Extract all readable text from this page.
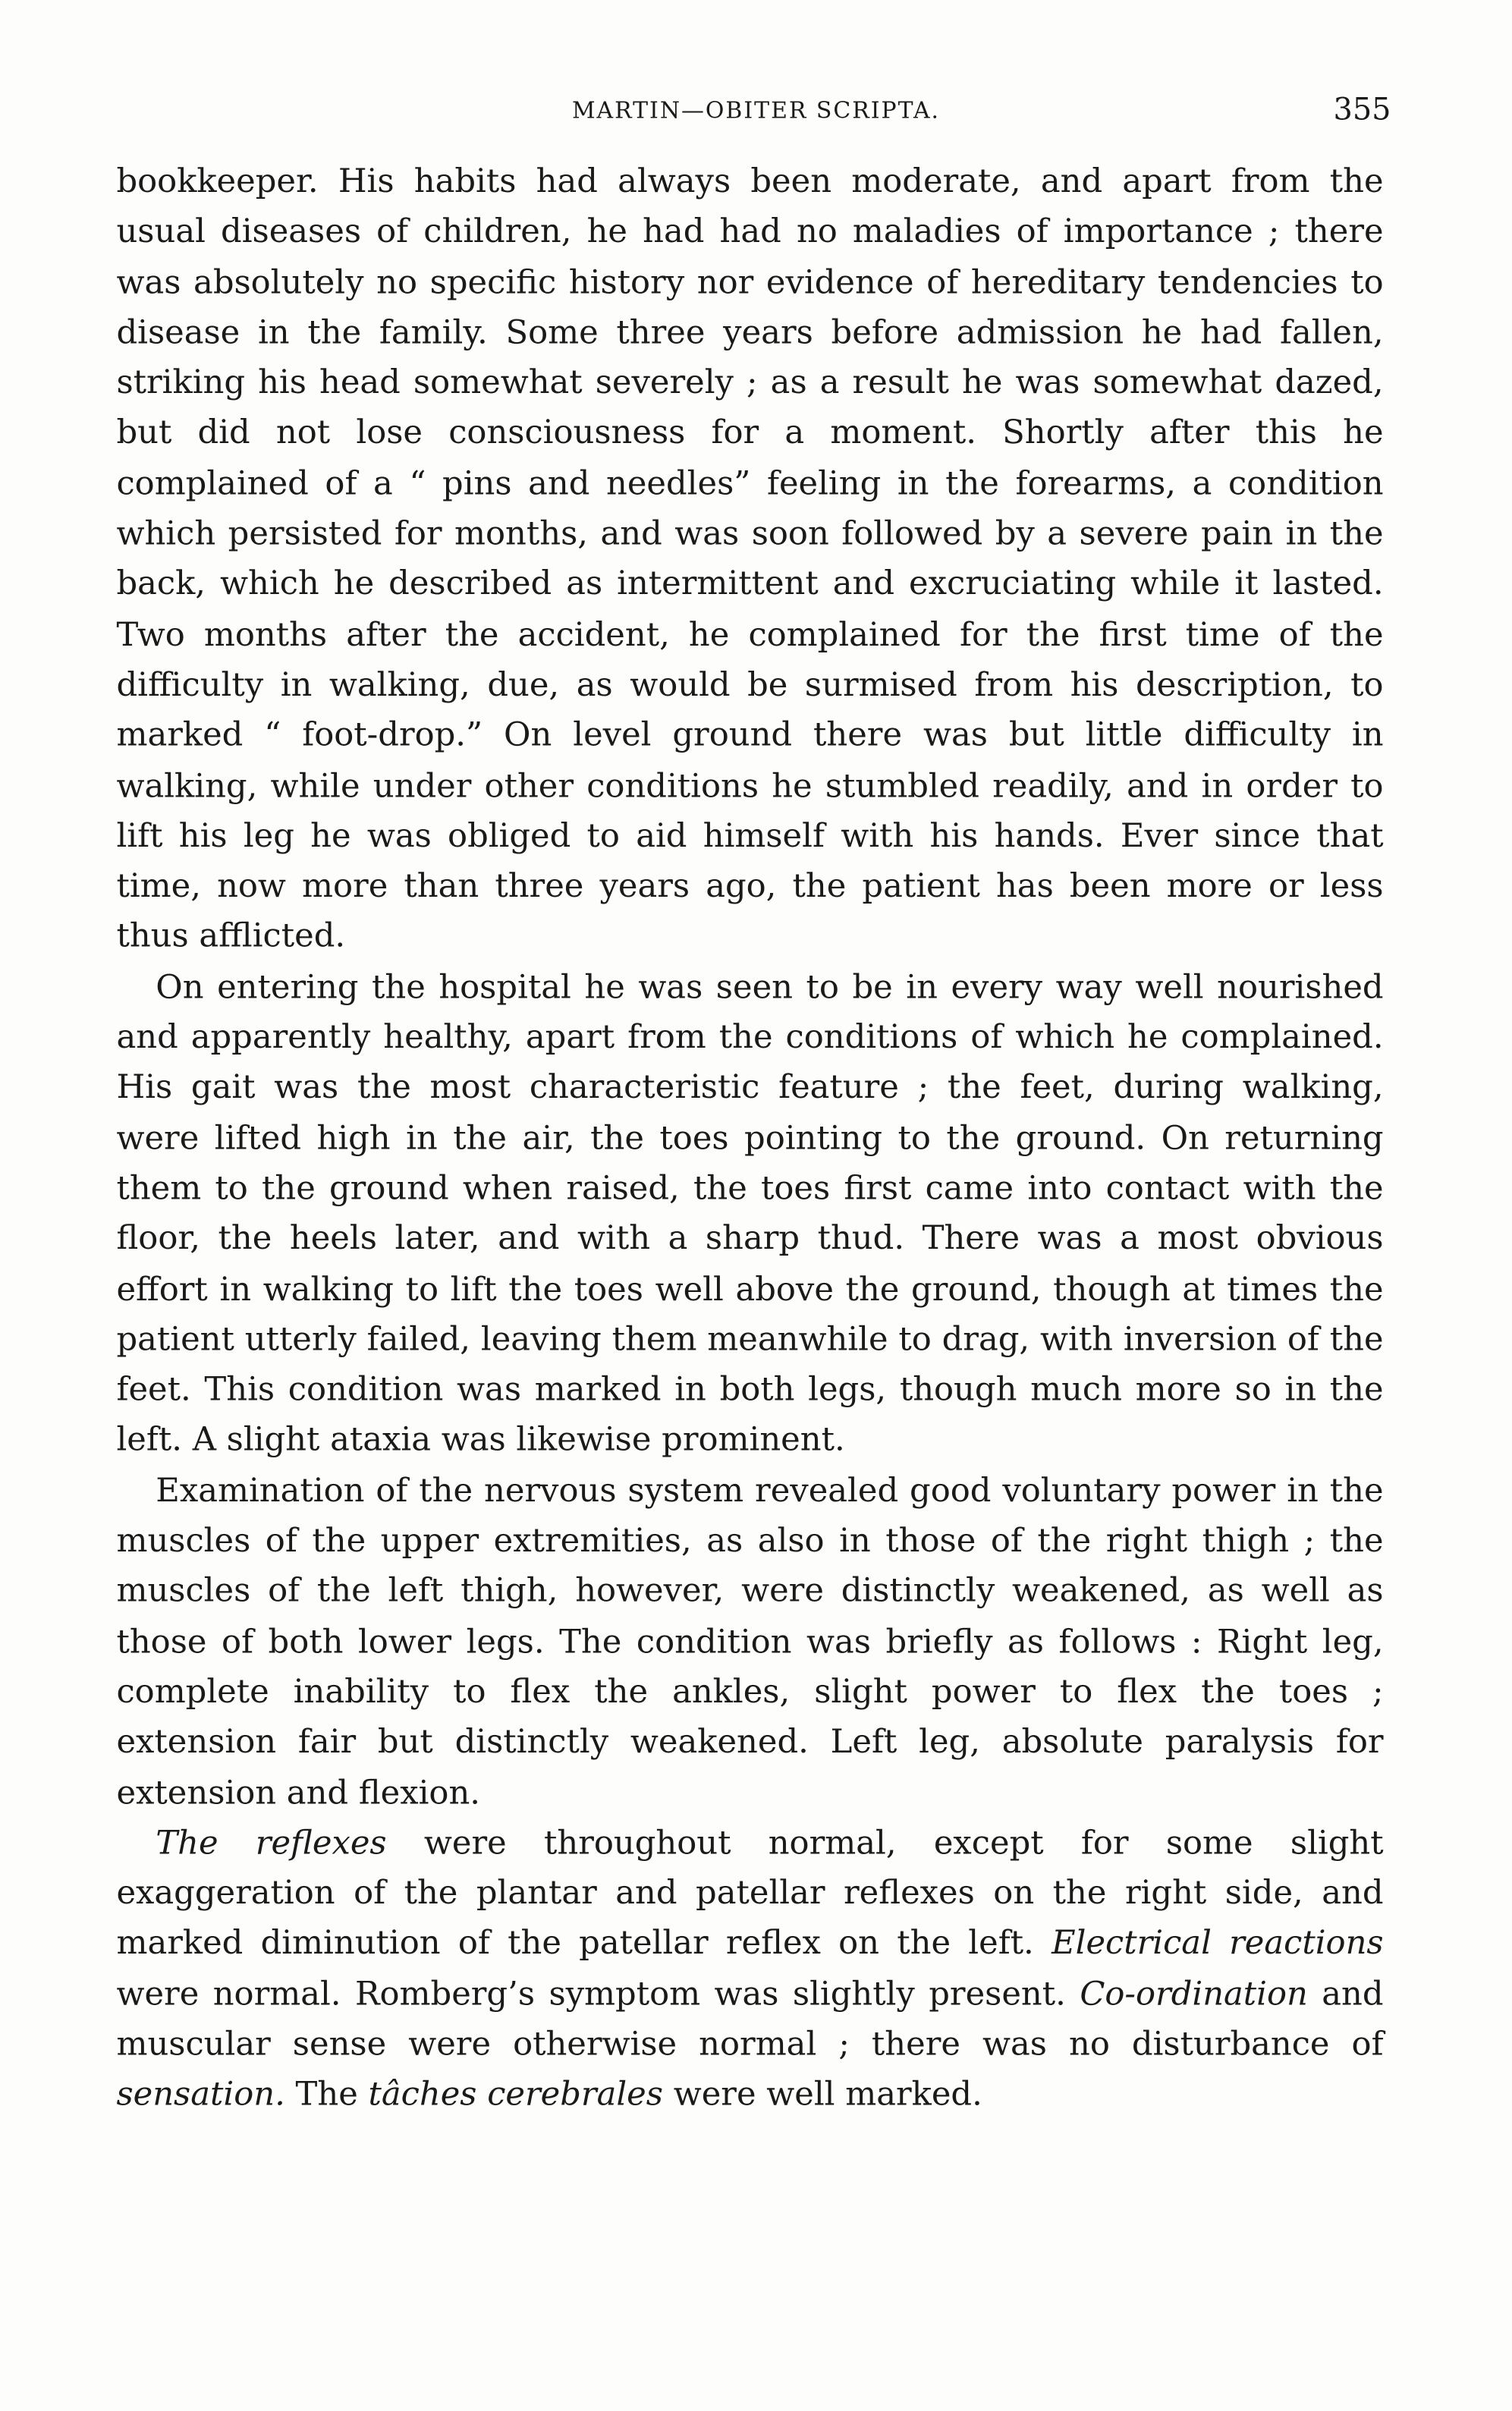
MARTIN—OBITER SCRIPTA.	355

bookkeeper. His habits had always been moderate, and apart from the usual diseases of children, he had had no maladies of importance ; there was absolutely no specific history nor evidence of hereditary tendencies to disease in the family. Some three years before admission he had fallen, striking his head somewhat severely ; as a result he was somewhat dazed, but did not lose consciousness for a moment. Shortly after this he complained of a “ pins and needles” feeling in the forearms, a condition which persisted for months, and was soon followed by a severe pain in the back, which he described as intermittent and excruciating while it lasted. Two months after the accident, he complained for the first time of the difficulty in walking, due, as would be surmised from his description, to marked “ foot-drop.” On level ground there was but little difficulty in walking, while under other conditions he stumbled readily, and in order to lift his leg he was obliged to aid himself with his hands. Ever since that time, now more than three years ago, the patient has been more or less thus afflicted.

On entering the hospital he was seen to be in every way well nourished and apparently healthy, apart from the conditions of which he complained. His gait was the most characteristic feature ; the feet, during walking, were lifted high in the air, the toes pointing to the ground. On returning them to the ground when raised, the toes first came into contact with the floor, the heels later, and with a sharp thud. There was a most obvious effort in walking to lift the toes well above the ground, though at times the patient utterly failed, leaving them meanwhile to drag, with inversion of the feet. This condition was marked in both legs, though much more so in the left. A slight ataxia was likewise prominent.

Examination of the nervous system revealed good voluntary power in the muscles of the upper extremities, as also in those of the right thigh ; the muscles of the left thigh, however, were distinctly weakened, as well as those of both lower legs. The condition was briefly as follows : Right leg, complete inability to flex the ankles, slight power to flex the toes ; extension fair but distinctly weakened. Left leg, absolute paralysis for extension and flexion.

The reflexes were throughout normal, except for some slight exaggeration of the plantar and patellar reflexes on the right side, and marked diminution of the patellar reflex on the left. Electrical reactions were normal. Romberg’s symptom was slightly present. Co-ordination and muscular sense were otherwise normal ; there was no disturbance of sensation. The tâches cerebrales were well marked.
